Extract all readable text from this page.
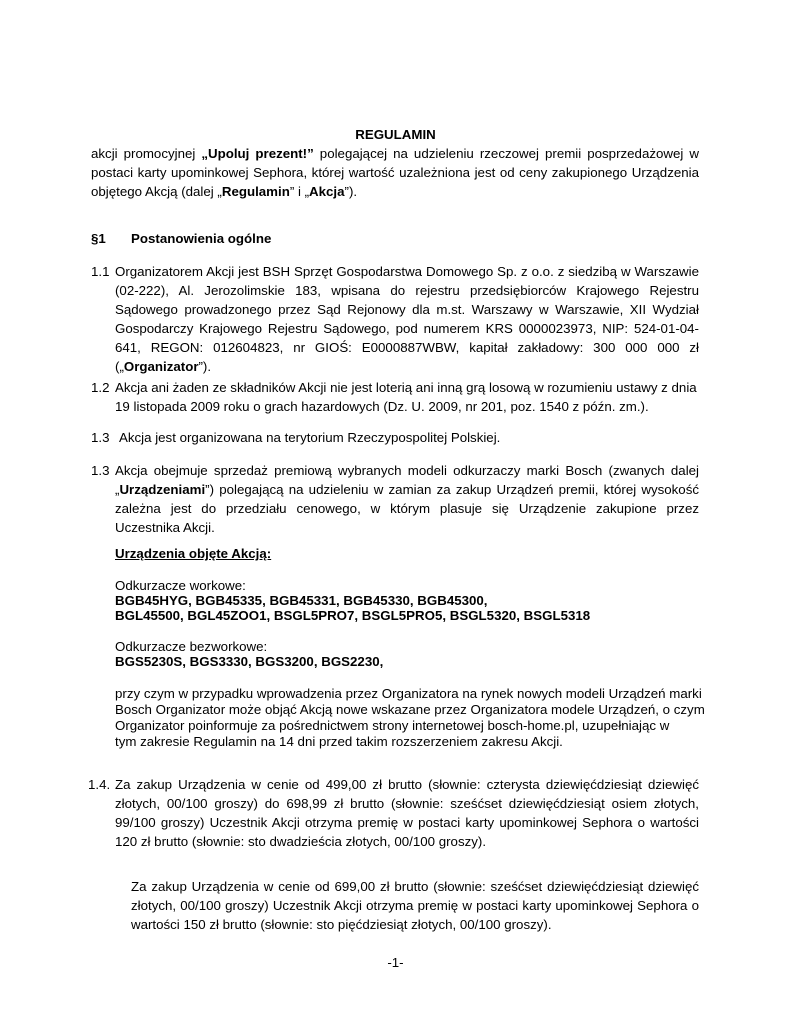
REGULAMIN

akcji promocyjnej „Upoluj prezent!” polegającej na udzieleniu rzeczowej premii posprzedażowej w postaci karty upominkowej Sephora, której wartość uzależniona jest od ceny zakupionego Urządzenia objętego Akcją (dalej „Regulamin” i „Akcja”).

§1 Postanowienia ogólne
1.1 Organizatorem Akcji jest BSH Sprzęt Gospodarstwa Domowego Sp. z o.o. z siedzibą w Warszawie (02-222), Al. Jerozolimskie 183, wpisana do rejestru przedsiębiorców Krajowego Rejestru Sądowego prowadzonego przez Sąd Rejonowy dla m.st. Warszawy w Warszawie, XII Wydział Gospodarczy Krajowego Rejestru Sądowego, pod numerem KRS 0000023973, NIP: 524-01-04-641, REGON: 012604823, nr GIOŚ: E0000887WBW, kapitał zakładowy: 300 000 000 zł („Organizator”).

1.2 Akcja ani żaden ze składników Akcji nie jest loterią ani inną grą losową w rozumieniu ustawy z dnia 19 listopada 2009 roku o grach hazardowych (Dz. U. 2009, nr 201, poz. 1540 z późn. zm.).

1.3 Akcja jest organizowana na terytorium Rzeczypospolitej Polskiej.

1.3 Akcja obejmuje sprzedaż premiową wybranych modeli odkurzaczy marki Bosch (zwanych dalej „Urządzeniami”) polegającą na udzieleniu w zamian za zakup Urządzeń premii, której wysokość zależna jest do przedziału cenowego, w którym plasuje się Urządzenie zakupione przez Uczestnika Akcji.

Urządzenia objęte Akcją:
Odkurzacze workowe:
BGB45HYG, BGB45335, BGB45331, BGB45330, BGB45300,
BGL45500, BGL45ZOO1, BSGL5PRO7, BSGL5PRO5, BSGL5320, BSGL5318
Odkurzacze bezworkowe:
BGS5230S, BGS3330, BGS3200, BGS2230,
przy czym w przypadku wprowadzenia przez Organizatora na rynek nowych modeli Urządzeń marki
Bosch Organizator może objąć Akcją nowe wskazane przez Organizatora modele Urządzeń, o czym
Organizator poinformuje za pośrednictwem strony internetowej bosch-home.pl, uzupełniając w
tym zakresie Regulamin na 14 dni przed takim rozszerzeniem zakresu Akcji.
1.4. Za zakup Urządzenia w cenie od 499,00 zł brutto (słownie: czterysta dziewięćdziesiąt dziewięć złotych, 00/100 groszy) do 698,99 zł brutto (słownie: sześćset dziewięćdziesiąt osiem złotych, 99/100 groszy) Uczestnik Akcji otrzyma premię w postaci karty upominkowej Sephora o wartości 120 zł brutto (słownie: sto dwadzieścia złotych, 00/100 groszy).

Za zakup Urządzenia w cenie od 699,00 zł brutto (słownie: sześćset dziewięćdziesiąt dziewięć złotych, 00/100 groszy) Uczestnik Akcji otrzyma premię w postaci karty upominkowej Sephora o wartości 150 zł brutto (słownie: sto pięćdziesiąt złotych, 00/100 groszy).

-1-
